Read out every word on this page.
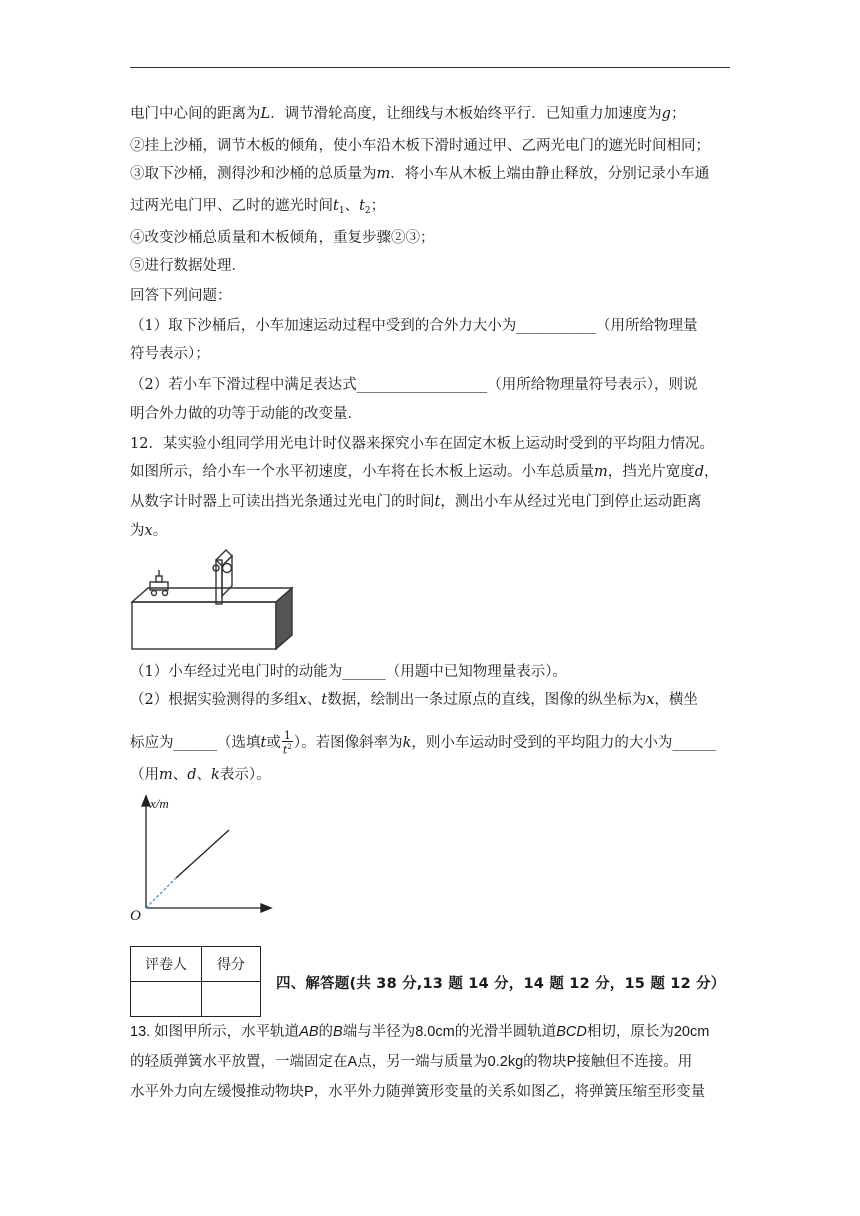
电门中心间的距离为L．调节滑轮高度，让细线与木板始终平行．已知重力加速度为g；
②挂上沙桶，调节木板的倾角，使小车沿木板下滑时通过甲、乙两光电门的遮光时间相同；
③取下沙桶，测得沙和沙桶的总质量为m．将小车从木板上端由静止释放，分别记录小车通
过两光电门甲、乙时的遮光时间$t_1$、$t_2$；
④改变沙桶总质量和木板倾角，重复步骤②③；
⑤进行数据处理．
回答下列问题：
（1）取下沙桶后，小车加速运动过程中受到的合外力大小为___________（用所给物理量
符号表示）；
（2）若小车下滑过程中满足表达式__________________（用所给物理量符号表示），则说
明合外力做的功等于动能的改变量．
12．某实验小组同学用光电计时仪器来探究小车在固定木板上运动时受到的平均阻力情况。
如图所示，给小车一个水平初速度，小车将在长木板上运动。小车总质量m，挡光片宽度d，
从数字计时器上可读出挡光条通过光电门的时间t，测出小车从经过光电门到停止运动距离
为x。
（1）小车经过光电门时的动能为______（用题中已知物理量表示）。
（2）根据实验测得的多组x、t数据，绘制出一条过原点的直线，图像的纵坐标为x，横坐
标应为______（选填t或 $\frac{1}{t^2}$ ）。若图像斜率为k，则小车运动时受到的平均阻力的大小为______
（用m、d、k表示）。
x/m
O
评卷人	得分

四、解答题(共 38 分,13 题 14 分，14 题 12 分，15 题 12 分）
13. 如图甲所示，水平轨道AB的B端与半径为8.0cm的光滑半圆轨道BCD相切，原长为20cm
的轻质弹簧水平放置，一端固定在A点，另一端与质量为0.2kg的物块P接触但不连接。用
水平外力向左缓慢推动物块P，水平外力随弹簧形变量的关系如图乙，将弹簧压缩至形变量
